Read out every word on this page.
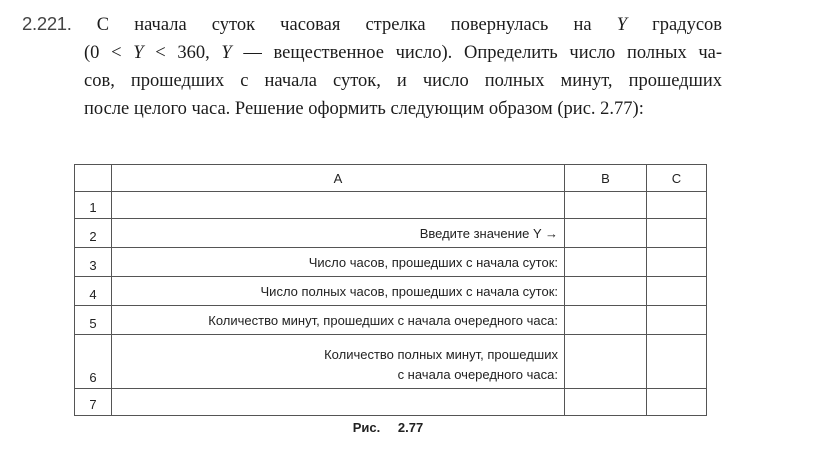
2.221. С начала суток часовая стрелка повернулась на Y градусов
(0 < Y < 360, Y — вещественное число). Определить число полных ча-
сов, прошедших с начала суток, и число полных минут, прошедших
после целого часа. Решение оформить следующим образом (рис. 2.77):
	A	B	C
1			
2	Введите значение Y →		
3	Число часов, прошедших с начала суток:		
4	Число полных часов, прошедших с начала суток:		
5	Количество минут, прошедших с начала очередного часа:		
6	Количество полных минут, прошедших
с начала очередного часа:		

7			
Рис. 2.77
